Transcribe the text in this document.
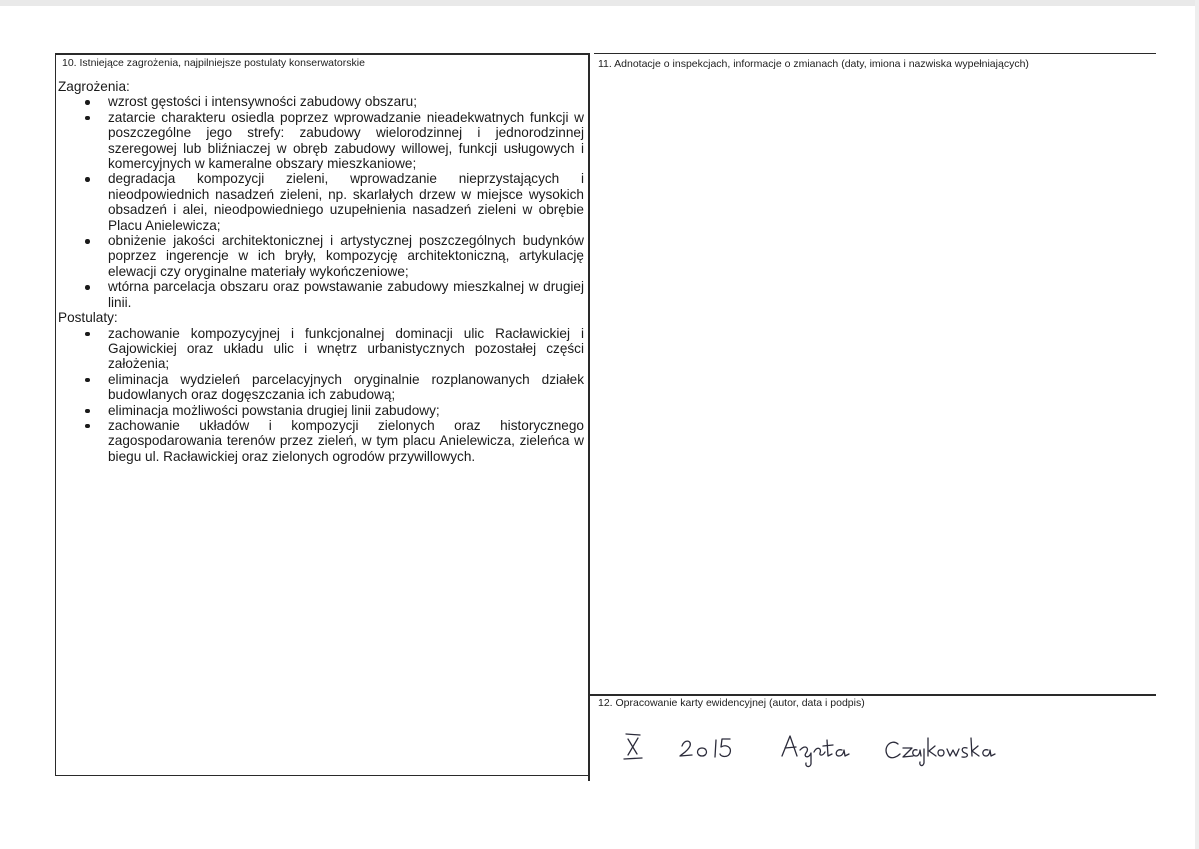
10. Istniejące zagrożenia, najpilniejsze postulaty konserwatorskie	11. Adnotacje o inspekcjach, informacje o zmianach (daty, imiona i nazwiska wypełniających)
12. Opracowanie karty ewidencyjnej (autor, data i podpis)
Zagrożenia:
wzrost gęstości i intensywności zabudowy obszaru;
zatarcie charakteru osiedla poprzez wprowadzanie nieadekwatnych funkcji w poszczególne jego strefy: zabudowy wielorodzinnej i jednorodzinnej szeregowej lub bliźniaczej w obręb zabudowy willowej, funkcji usługowych i komercyjnych w kameralne obszary mieszkaniowe;
degradacja kompozycji zieleni, wprowadzanie nieprzystających i nieodpowiednich nasadzeń zieleni, np. skarlałych drzew w miejsce wysokich obsadzeń i alei, nieodpowiedniego uzupełnienia nasadzeń zieleni w obrębie Placu Anielewicza;
obniżenie jakości architektonicznej i artystycznej poszczególnych budynków poprzez ingerencje w ich bryły, kompozycję architektoniczną, artykulację elewacji czy oryginalne materiały wykończeniowe;
wtórna parcelacja obszaru oraz powstawanie zabudowy mieszkalnej w drugiej linii.
Postulaty:
zachowanie kompozycyjnej i funkcjonalnej dominacji ulic Racławickiej i Gajowickiej oraz układu ulic i wnętrz urbanistycznych pozostałej części założenia;
eliminacja wydzieleń parcelacyjnych oryginalnie rozplanowanych działek budowlanych oraz dogęszczania ich zabudową;
eliminacja możliwości powstania drugiej linii zabudowy;
zachowanie układów i kompozycji zielonych oraz historycznego zagospodarowania terenów przez zieleń, w tym placu Anielewicza, zieleńca w biegu ul. Racławickiej oraz zielonych ogrodów przywillowych.
